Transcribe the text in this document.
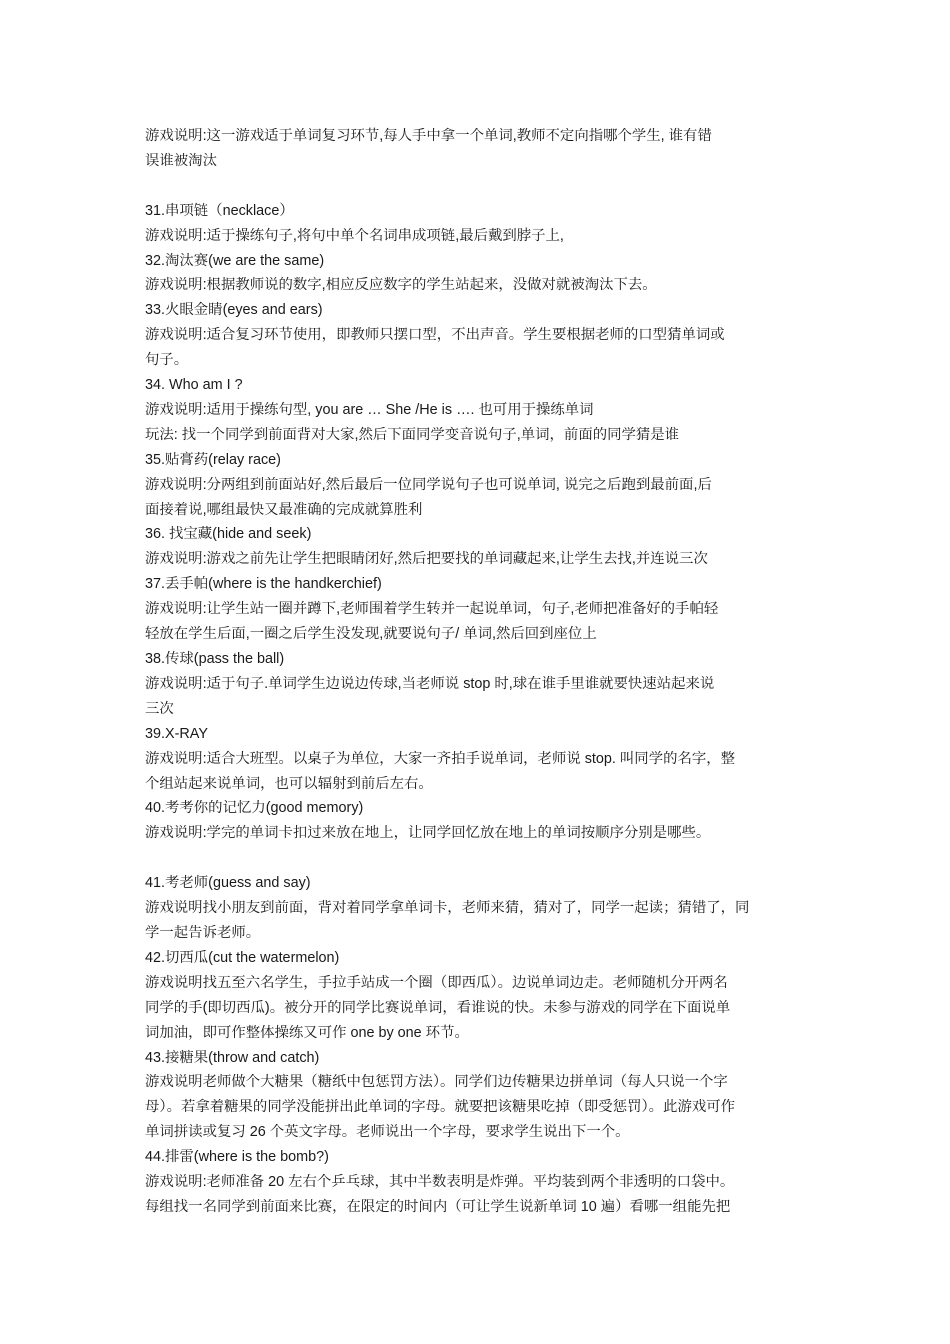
游戏说明:这一游戏适于单词复习环节,每人手中拿一个单词,教师不定向指哪个学生, 谁有错
误谁被淘汰
31.串项链（necklace）
游戏说明:适于操练句子,将句中单个名词串成项链,最后戴到脖子上,
32.淘汰赛(we are the same)
游戏说明:根据教师说的数字,相应反应数字的学生站起来，没做对就被淘汰下去。
33.火眼金睛(eyes and ears)
游戏说明:适合复习环节使用，即教师只摆口型，不出声音。学生要根据老师的口型猜单词或
句子。
34. Who am I ?
游戏说明:适用于操练句型, you are … She /He is …. 也可用于操练单词
玩法: 找一个同学到前面背对大家,然后下面同学变音说句子,单词，前面的同学猜是谁
35.贴膏药(relay race)
游戏说明:分两组到前面站好,然后最后一位同学说句子也可说单词, 说完之后跑到最前面,后
面接着说,哪组最快又最准确的完成就算胜利
36. 找宝藏(hide and seek)
游戏说明:游戏之前先让学生把眼睛闭好,然后把要找的单词藏起来,让学生去找,并连说三次
37.丢手帕(where is the handkerchief)
游戏说明:让学生站一圈并蹲下,老师围着学生转并一起说单词，句子,老师把准备好的手帕轻
轻放在学生后面,一圈之后学生没发现,就要说句子/ 单词,然后回到座位上
38.传球(pass the ball)
游戏说明:适于句子.单词学生边说边传球,当老师说 stop 时,球在谁手里谁就要快速站起来说
三次
39.X-RAY
游戏说明:适合大班型。以桌子为单位，大家一齐拍手说单词，老师说 stop. 叫同学的名字，整
个组站起来说单词，也可以辐射到前后左右。
40.考考你的记忆力(good memory)
游戏说明:学完的单词卡扣过来放在地上，让同学回忆放在地上的单词按顺序分别是哪些。
41.考老师(guess and say)
游戏说明找小朋友到前面，背对着同学拿单词卡，老师来猜，猜对了，同学一起读；猜错了，同
学一起告诉老师。
42.切西瓜(cut the watermelon)
游戏说明找五至六名学生，手拉手站成一个圈（即西瓜）。边说单词边走。老师随机分开两名
同学的手(即切西瓜)。被分开的同学比赛说单词，看谁说的快。未参与游戏的同学在下面说单
词加油，即可作整体操练又可作 one by one 环节。
43.接糖果(throw and catch)
游戏说明老师做个大糖果（糖纸中包惩罚方法）。同学们边传糖果边拼单词（每人只说一个字
母）。若拿着糖果的同学没能拼出此单词的字母。就要把该糖果吃掉（即受惩罚）。此游戏可作
单词拼读或复习 26 个英文字母。老师说出一个字母，要求学生说出下一个。
44.排雷(where is the bomb?)
游戏说明:老师准备 20 左右个乒乓球，其中半数表明是炸弹。平均装到两个非透明的口袋中。
每组找一名同学到前面来比赛，在限定的时间内（可让学生说新单词 10 遍）看哪一组能先把
